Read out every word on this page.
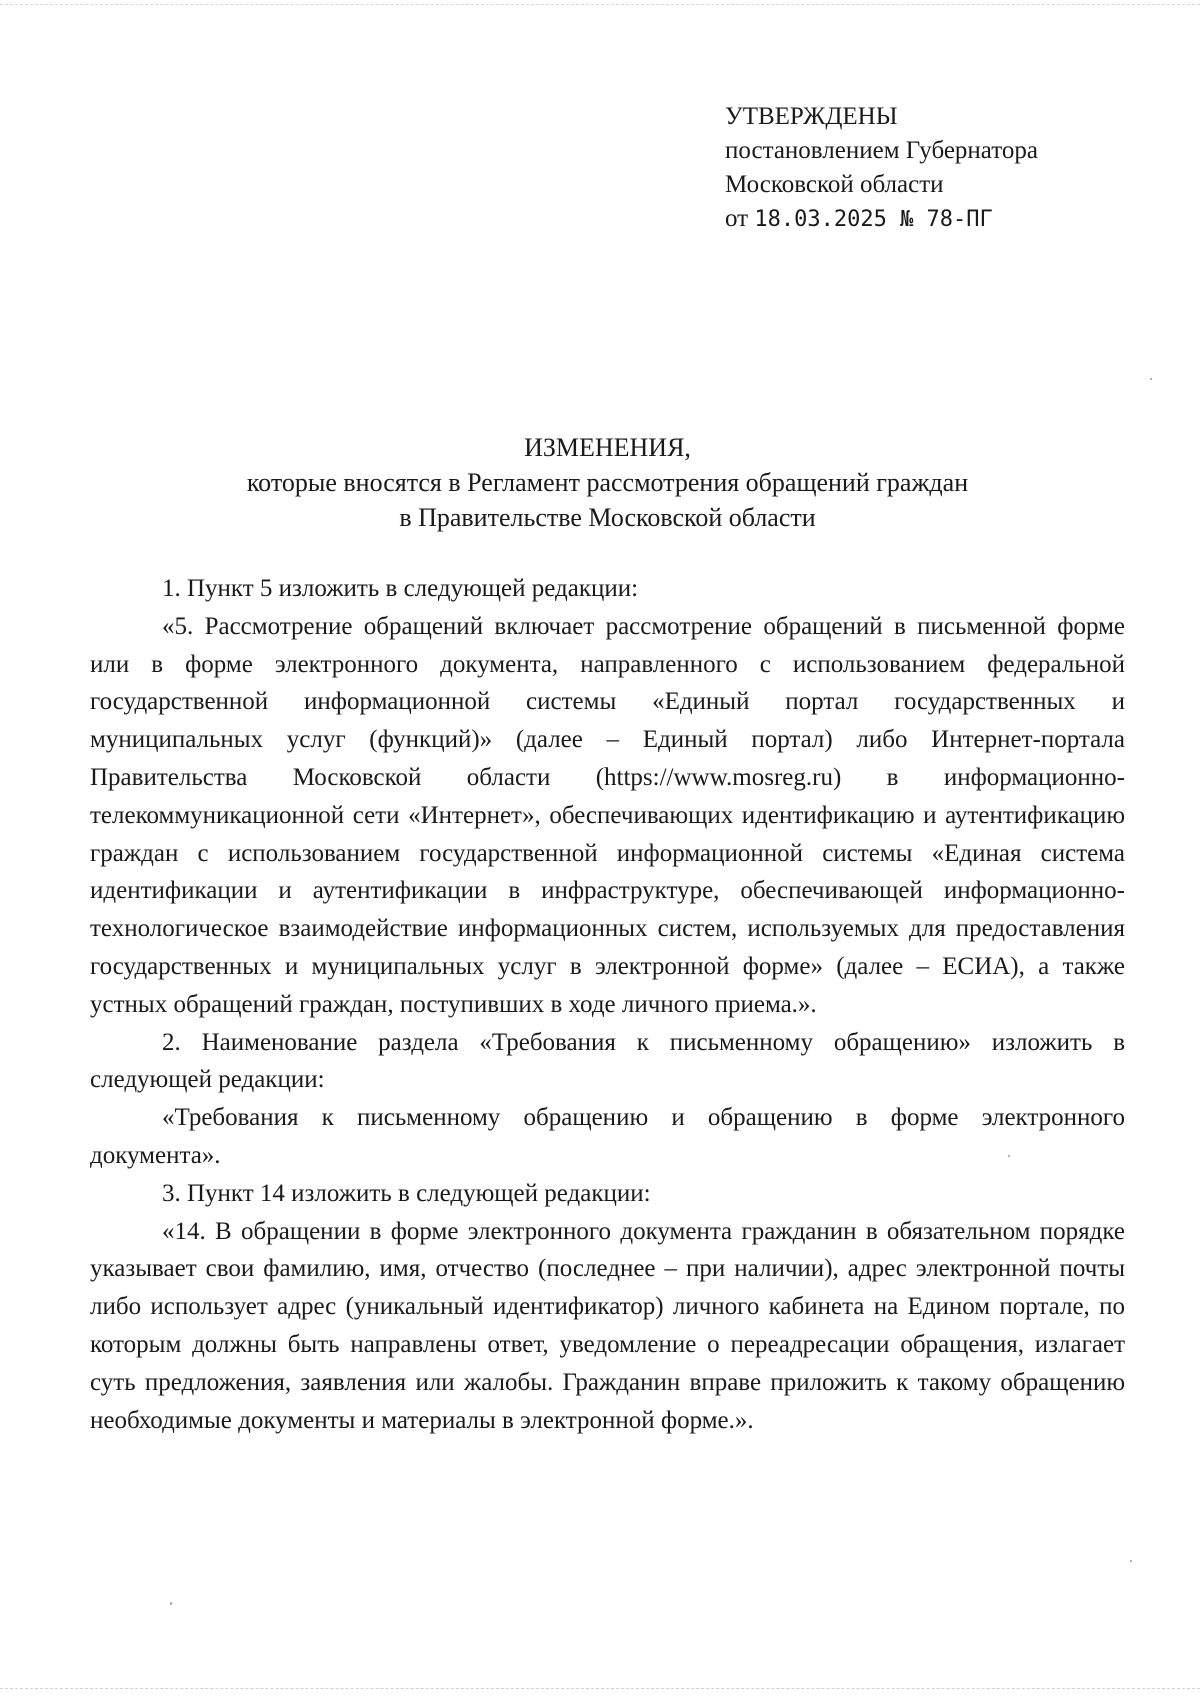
УТВЕРЖДЕНЫ
постановлением Губернатора
Московской области
от 18.03.2025 № 78-ПГ
ИЗМЕНЕНИЯ,
которые вносятся в Регламент рассмотрения обращений граждан
в Правительстве Московской области

1. Пункт 5 изложить в следующей редакции:

«5. Рассмотрение обращений включает рассмотрение обращений в письменной форме или в форме электронного документа, направленного с использованием федеральной государственной информационной системы «Единый портал государственных и муниципальных услуг (функций)» (далее – Единый портал) либо Интернет-портала Правительства Московской области (https://www.mosreg.ru) в информационно-телекоммуникационной сети «Интернет», обеспечивающих идентификацию и аутентификацию граждан с использованием государственной информационной системы «Единая система идентификации и аутентификации в инфраструктуре, обеспечивающей информационно-технологическое взаимодействие информационных систем, используемых для предоставления государственных и муниципальных услуг в электронной форме» (далее – ЕСИА), а также устных обращений граждан, поступивших в ходе личного приема.».

2. Наименование раздела «Требования к письменному обращению» изложить в следующей редакции:

«Требования к письменному обращению и обращению в форме электронного документа».

3. Пункт 14 изложить в следующей редакции:

«14. В обращении в форме электронного документа гражданин в обязательном порядке указывает свои фамилию, имя, отчество (последнее – при наличии), адрес электронной почты либо использует адрес (уникальный идентификатор) личного кабинета на Едином портале, по которым должны быть направлены ответ, уведомление о переадресации обращения, излагает суть предложения, заявления или жалобы. Гражданин вправе приложить к такому обращению необходимые документы и материалы в электронной форме.».
